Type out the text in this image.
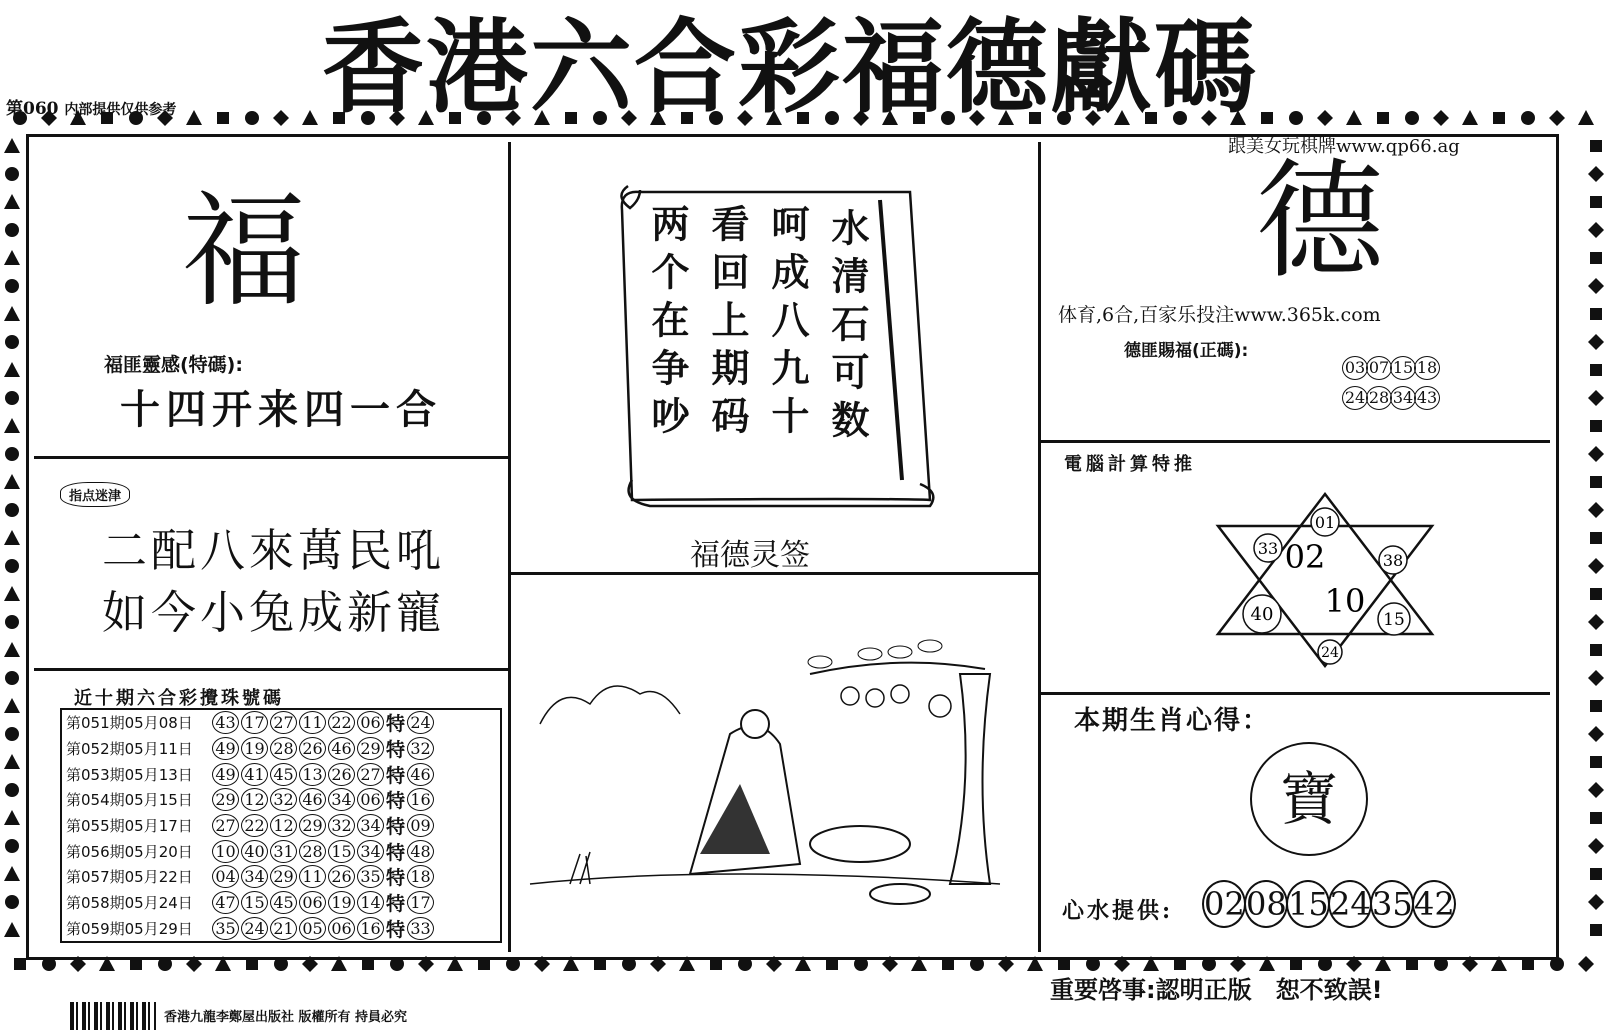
香港六合彩福德獻碼
第060 内部提供仅供参考
福
福匪靈感(特碼):
十四开来四一合
指点迷津
二配八來萬民吼
如今小兔成新寵
近十期六合彩攪珠號碼
第051期05月08日	43 17 27 11 22 06 特 24
第052期05月11日	49 19 28 26 46 29 特 32
第053期05月13日	49 41 45 13 26 27 特 46
第054期05月15日	29 12 32 46 34 06 特 16
第055期05月17日	27 22 12 29 32 34 特 09
第056期05月20日	10 40 31 28 15 34 特 48
第057期05月22日	04 34 29 11 26 35 特 18
第058期05月24日	47 15 45 06 19 14 特 17
第059期05月29日	35 24 21 05 06 16 特 33
水清石可数
呵成八九十
看回上期码
两个在争吵
福德灵签
跟美女玩棋牌www.qp66.ag
德
体育,6合,百家乐投注www.365k.com
德匪賜福(正碼):
03 07 15 18
24 28 34 43
電腦計算特推
01
33
38
02
10
40	15
24
本期生肖心得：
寶
心水提供: 020815243542
香港九龍李鄭屋出版社 版權所有 持員必究
重要啓事:認明正版　恕不致誤!
